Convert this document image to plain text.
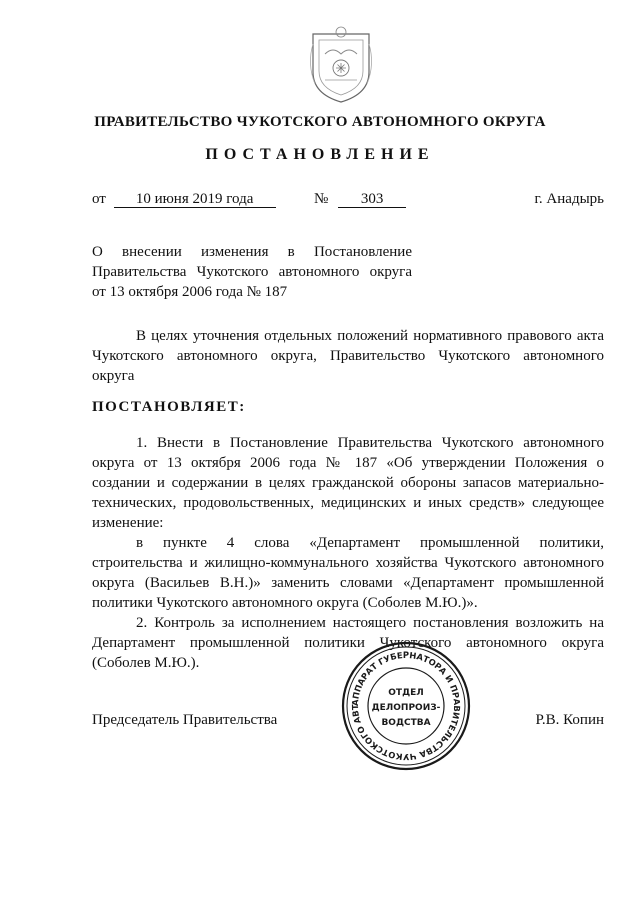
ПРАВИТЕЛЬСТВО ЧУКОТСКОГО АВТОНОМНОГО ОКРУГА
ПОСТАНОВЛЕНИЕ
от 10 июня 2019 года	№ 303	г. Анадырь
О внесении изменения в Постановление
Правительства Чукотского автономного округа
от 13 октября 2006 года № 187
В целях уточнения отдельных положений нормативного правового акта
Чукотского автономного округа, Правительство Чукотского автономного
округа
ПОСТАНОВЛЯЕТ:
1. Внести в Постановление Правительства Чукотского автономного
округа от 13 октября 2006 года № 187 «Об утверждении Положения о
создании и содержании в целях гражданской обороны запасов материально-
технических, продовольственных, медицинских и иных средств» следующее
изменение:
в пункте 4 слова «Департамент промышленной политики,
строительства и жилищно-коммунального хозяйства Чукотского автономного
округа (Васильев В.Н.)» заменить словами «Департамент промышленной
политики Чукотского автономного округа (Соболев М.Ю.)».
2. Контроль за исполнением настоящего постановления возложить на
Департамент промышленной политики Чукотского автономного округа
(Соболев М.Ю.).
АППАРАТ ГУБЕРНАТОРА И ПРАВИТЕЛЬСТВА ЧУКОТСКОГО АВТ
ОТДЕЛ
ДЕЛОПРОИЗ-
ВОДСТВА
Председатель Правительства	Р.В. Копин
